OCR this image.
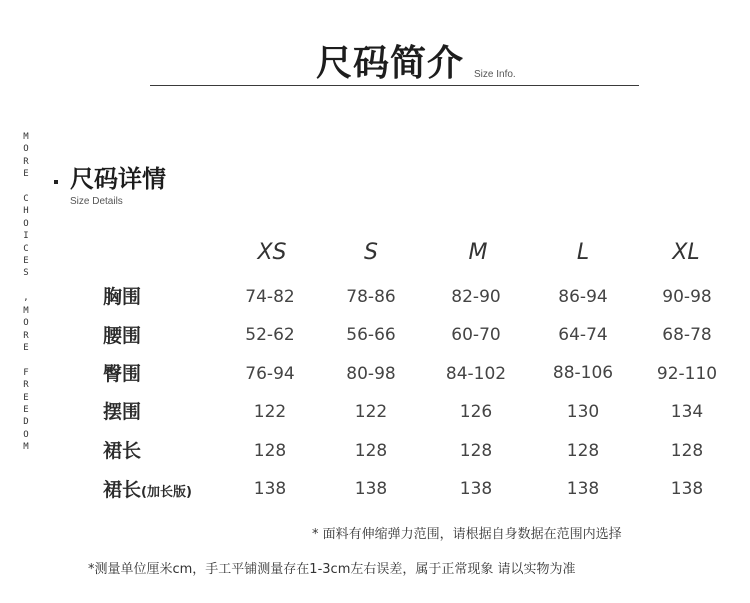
尺码简介 Size Info.
M
O
R
E

C
H
O
I
C
E
S

,
M
O
R
E

F
R
E
E
D
O
M
尺码详情
Size Details
XS	S	M	L	XL
胸围	74-82	78-86	82-90	86-94	90-98
腰围	52-62	56-66	60-70	64-74	68-78
臀围	76-94	80-98	84-102	88-106	92-110
摆围	122	122	126	130	134
裙长	128	128	128	128	128
裙长(加长版)	138	138	138	138	138
* 面料有伸缩弹力范围，请根据自身数据在范围内选择
*测量单位厘米cm，手工平铺测量存在1-3cm左右误差，属于正常现象 请以实物为准
